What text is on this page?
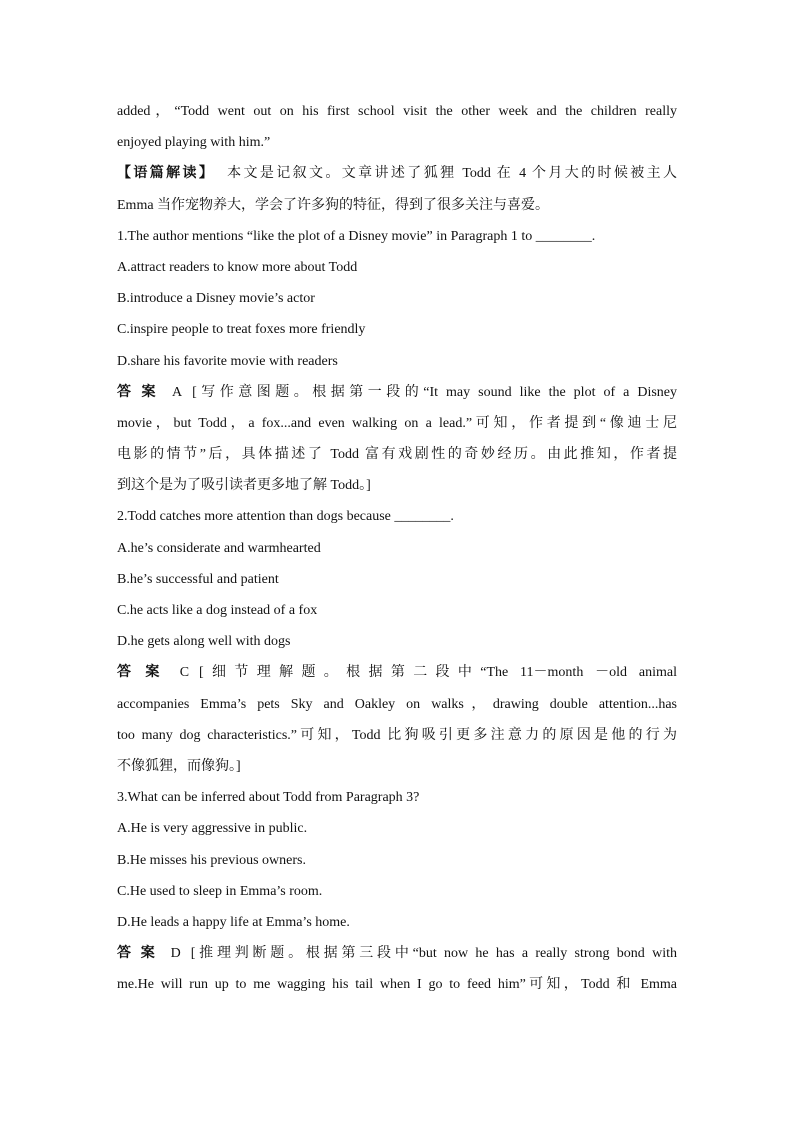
added，“Todd went out on his first school visit the other week and the children really
enjoyed playing with him.”
【语篇解读】 本文是记叙文。文章讲述了狐狸 Todd 在 4 个月大的时候被主人
Emma 当作宠物养大，学会了许多狗的特征，得到了很多关注与喜爱。
1.The author mentions “like the plot of a Disney movie” in Paragraph 1 to ________.
A.attract readers to know more about Todd
B.introduce a Disney movie’s actor
C.inspire people to treat foxes more friendly
D.share his favorite movie with readers
答案 A [写作意图题。根据第一段的“It may sound like the plot of a Disney
movie，but Todd，a fox...and even walking on a lead.”可知，作者提到“像迪士尼
电影的情节”后，具体描述了 Todd 富有戏剧性的奇妙经历。由此推知，作者提
到这个是为了吸引读者更多地了解 Todd。]
2.Todd catches more attention than dogs because ________.
A.he’s considerate and warmhearted
B.he’s successful and patient
C.he acts like a dog instead of a fox
D.he gets along well with dogs
答案 C [细节理解题。根据第二段中“The 11－month －old animal
accompanies Emma’s pets Sky and Oakley on walks，drawing double attention...has
too many dog characteristics.”可知，Todd 比狗吸引更多注意力的原因是他的行为
不像狐狸，而像狗。]
3.What can be inferred about Todd from Paragraph 3?
A.He is very aggressive in public.
B.He misses his previous owners.
C.He used to sleep in Emma’s room.
D.He leads a happy life at Emma’s home.
答案 D [推理判断题。根据第三段中“but now he has a really strong bond with
me.He will run up to me wagging his tail when I go to feed him”可知，Todd 和 Emma
